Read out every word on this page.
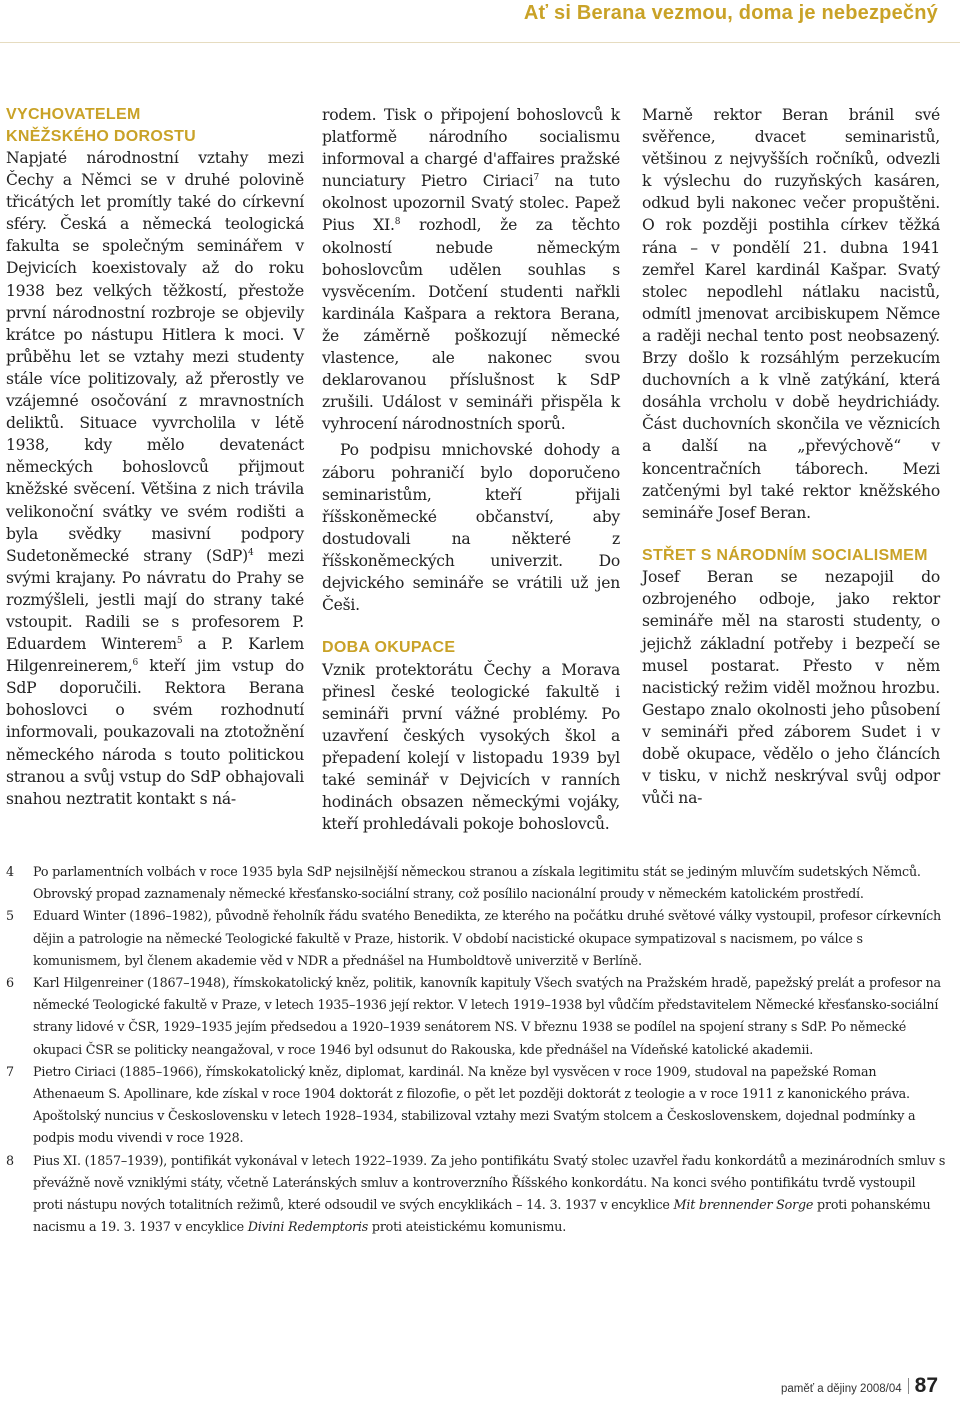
Ať si Berana vezmou, doma je nebezpečný
VYCHOVATELEM
KNĚŽSKÉHO DOROSTU

Napjaté národnostní vztahy mezi Čechy a Němci se v druhé polovině třicátých let promítly také do církevní sféry. Česká a německá teologická fakulta se společným seminářem v Dejvicích koexistovaly až do roku 1938 bez velkých těžkostí, přestože první národnostní rozbroje se objevily krátce po nástupu Hitlera k moci. V průběhu let se vztahy mezi studenty stále více politizovaly, až přerostly ve vzájemné osočování z mravnostních deliktů. Situace vyvrcholila v létě 1938, kdy mělo devatenáct německých bohoslovců přijmout kněžské svěcení. Většina z nich trávila velikonoční svátky ve svém rodišti a byla svědky masivní podpory Sudetoněmecké strany (SdP)$^4$ mezi svými krajany. Po návratu do Prahy se rozmýšleli, jestli mají do strany také vstoupit. Radili se s profesorem P. Eduardem Winterem$^5$ a P. Karlem Hilgenreinerem,$^6$ kteří jim vstup do SdP doporučili. Rektora Berana bohoslovci o svém rozhodnutí informovali, poukazovali na ztotožnění německého národa s touto politickou stranou a svůj vstup do SdP obhajovali snahou neztratit kontakt s ná-

rodem. Tisk o připojení bohoslovců k platformě národního socialismu informoval a chargé d'affaires pražské nunciatury Pietro Ciriaci$^7$ na tuto okolnost upozornil Svatý stolec. Papež Pius XI.$^8$ rozhodl, že za těchto okolností nebude německým bohoslovcům udělen souhlas s vysvěcením. Dotčení studenti nařkli kardinála Kašpara a rektora Berana, že záměrně poškozují německé vlastence, ale nakonec svou deklarovanou příslušnost k SdP zrušili. Událost v semináři přispěla k vyhrocení národnostních sporů.

Po podpisu mnichovské dohody a záboru pohraničí bylo doporučeno seminaristům, kteří přijali říšskoněmecké občanství, aby dostudovali na některé z říšskoněmeckých univerzit. Do dejvického semináře se vrátili už jen Češi.

DOBA OKUPACE

Vznik protektorátu Čechy a Morava přinesl české teologické fakultě i semináři první vážné problémy. Po uzavření českých vysokých škol a přepadení kolejí v listopadu 1939 byl také seminář v Dejvicích v ranních hodinách obsazen německými vojáky, kteří prohledávali pokoje bohoslovců.

Marně rektor Beran bránil své svěřence, dvacet seminaristů, většinou z nejvyšších ročníků, odvezli k výslechu do ruzyňských kasáren, odkud byli nakonec večer propuštěni. O rok později postihla církev těžká rána – v pondělí 21. dubna 1941 zemřel Karel kardinál Kašpar. Svatý stolec nepodlehl nátlaku nacistů, odmítl jmenovat arcibiskupem Němce a raději nechal tento post neobsazený. Brzy došlo k rozsáhlým perzekucím duchovních a k vlně zatýkání, která dosáhla vrcholu v době heydrichiády. Část duchovních skončila ve věznicích a další na „převýchově“ v koncentračních táborech. Mezi zatčenými byl také rektor kněžského semináře Josef Beran.

STŘET S NÁRODNÍM SOCIALISMEM

Josef Beran se nezapojil do ozbrojeného odboje, jako rektor semináře měl na starosti studenty, o jejichž základní potřeby i bezpečí se musel postarat. Přesto v něm nacistický režim viděl možnou hrozbu. Gestapo znalo okolnosti jeho působení v semináři před záborem Sudet i v době okupace, vědělo o jeho článcích v tisku, v nichž neskrýval svůj odpor vůči na-

4	Po parlamentních volbách v roce 1935 byla SdP nejsilnější německou stranou a získala legitimitu stát se jediným mluvčím sudetských Němců. Obrovský propad zaznamenaly německé křesťansko-sociální strany, což posílilo nacionální proudy v německém katolickém prostředí.
5	Eduard Winter (1896–1982), původně řeholník řádu svatého Benedikta, ze kterého na počátku druhé světové války vystoupil, profesor církevních dějin a patrologie na německé Teologické fakultě v Praze, historik. V období nacistické okupace sympatizoval s nacismem, po válce s komunismem, byl členem akademie věd v NDR a přednášel na Humboldtově univerzitě v Berlíně.
6	Karl Hilgenreiner (1867–1948), římskokatolický kněz, politik, kanovník kapituly Všech svatých na Pražském hradě, papežský prelát a profesor na německé Teologické fakultě v Praze, v letech 1935–1936 její rektor. V letech 1919–1938 byl vůdčím představitelem Německé křesťansko-sociální strany lidové v ČSR, 1929–1935 jejím předsedou a 1920–1939 senátorem NS. V březnu 1938 se podílel na spojení strany s SdP. Po německé okupaci ČSR se politicky neangažoval, v roce 1946 byl odsunut do Rakouska, kde přednášel na Vídeňské katolické akademii.
7	Pietro Ciriaci (1885–1966), římskokatolický kněz, diplomat, kardinál. Na kněze byl vysvěcen v roce 1909, studoval na papežské Roman Athenaeum S. Apollinare, kde získal v roce 1904 doktorát z filozofie, o pět let později doktorát z teologie a v roce 1911 z kanonického práva. Apoštolský nuncius v Československu v letech 1928–1934, stabilizoval vztahy mezi Svatým stolcem a Československem, dojednal podmínky a podpis modu vivendi v roce 1928.
8	Pius XI. (1857–1939), pontifikát vykonával v letech 1922–1939. Za jeho pontifikátu Svatý stolec uzavřel řadu konkordátů a mezinárodních smluv s převážně nově vzniklými státy, včetně Lateránských smluv a kontroverzního Říšského konkordátu. Na konci svého pontifikátu tvrdě vystoupil proti nástupu nových totalitních režimů, které odsoudil ve svých encyklikách – 14. 3. 1937 v encyklice Mit brennender Sorge proti pohanskému nacismu a 19. 3. 1937 v encyklice Divini Redemptoris proti ateistickému komunismu.
paměť a dějiny 2008/04 87
